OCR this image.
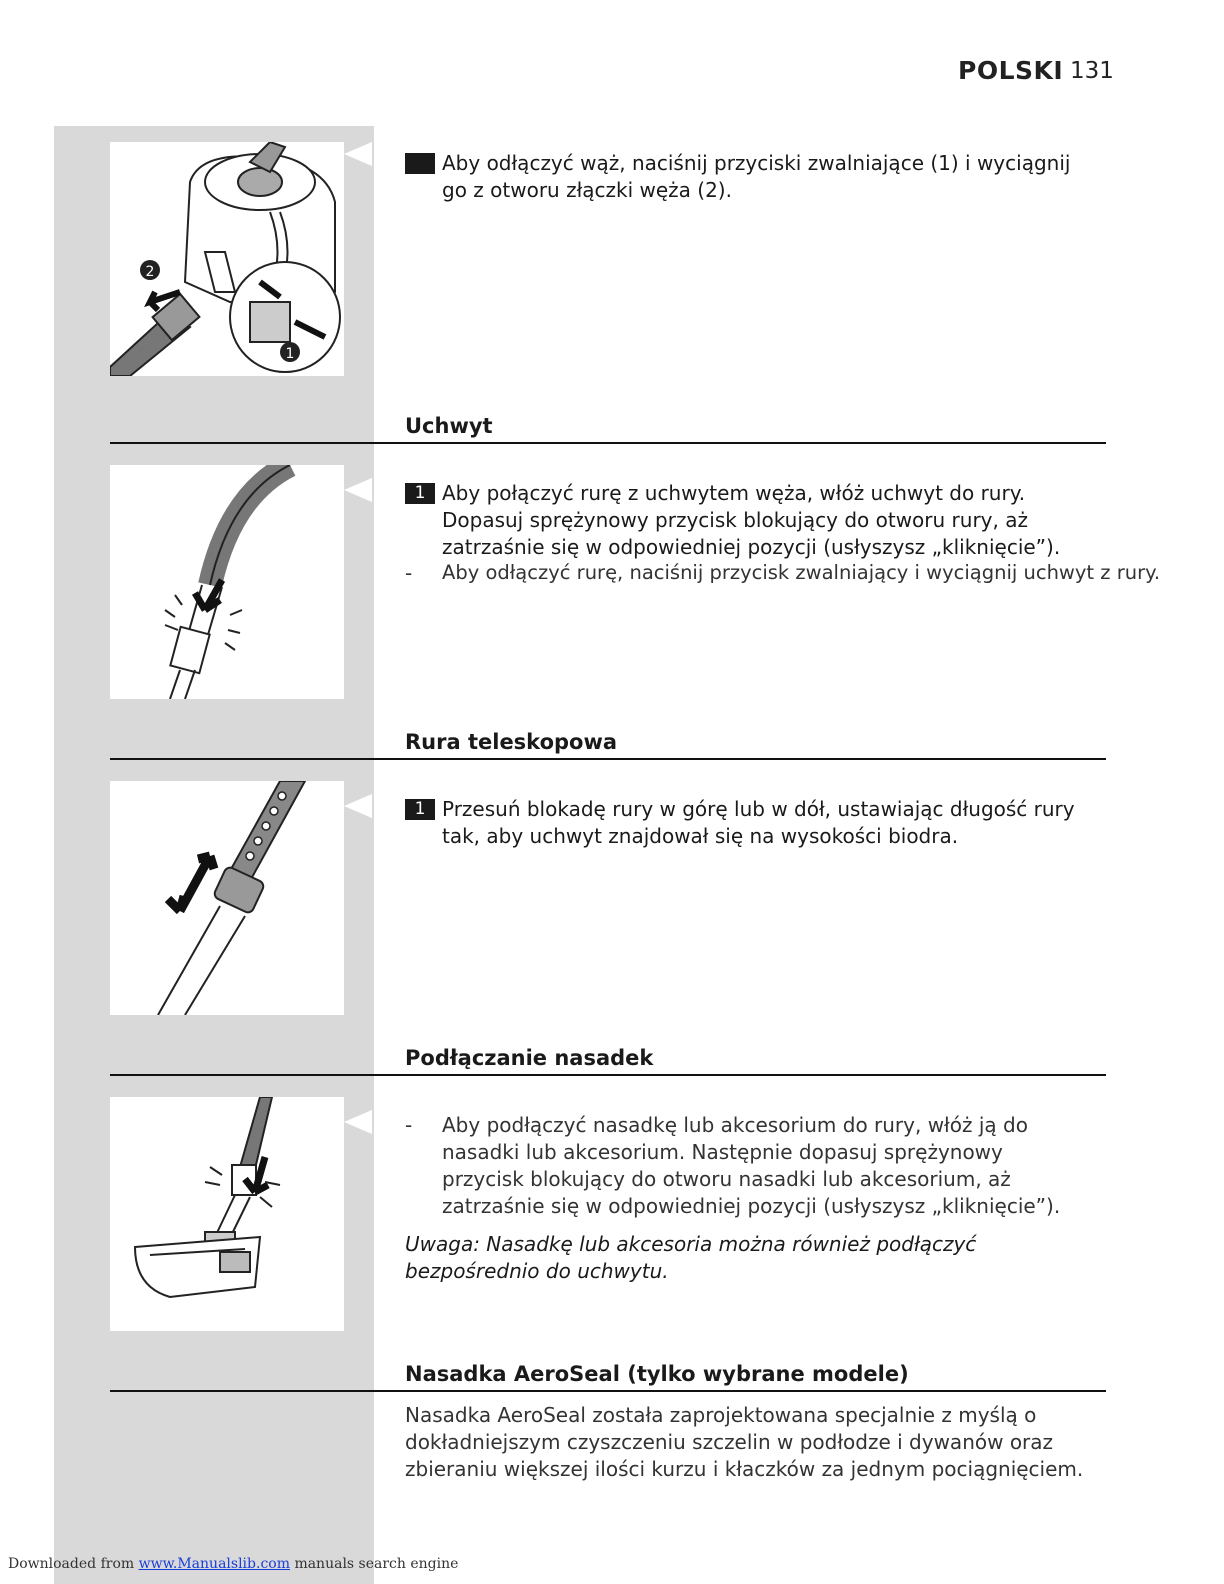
POLSKI 131
2
1
Aby odłączyć wąż, naciśnij przyciski zwalniające (1) i wyciągnij go z otworu złączki węża (2).
Uchwyt
1 Aby połączyć rurę z uchwytem węża, włóż uchwyt do rury. Dopasuj sprężynowy przycisk blokujący do otworu rury, aż zatrzaśnie się w odpowiedniej pozycji (usłyszysz „kliknięcie”).
- Aby odłączyć rurę, naciśnij przycisk zwalniający i wyciągnij uchwyt z rury.
Rura teleskopowa
1 Przesuń blokadę rury w górę lub w dół, ustawiając długość rury tak, aby uchwyt znajdował się na wysokości biodra.
Podłączanie nasadek
- Aby podłączyć nasadkę lub akcesorium do rury, włóż ją do nasadki lub akcesorium. Następnie dopasuj sprężynowy przycisk blokujący do otworu nasadki lub akcesorium, aż zatrzaśnie się w odpowiedniej pozycji (usłyszysz „kliknięcie”).
Uwaga: Nasadkę lub akcesoria można również podłączyć bezpośrednio do uchwytu.
Nasadka AeroSeal (tylko wybrane modele)
Nasadka AeroSeal została zaprojektowana specjalnie z myślą o dokładniejszym czyszczeniu szczelin w podłodze i dywanów oraz zbieraniu większej ilości kurzu i kłaczków za jednym pociągnięciem.
Downloaded from www.Manualslib.com manuals search engine
